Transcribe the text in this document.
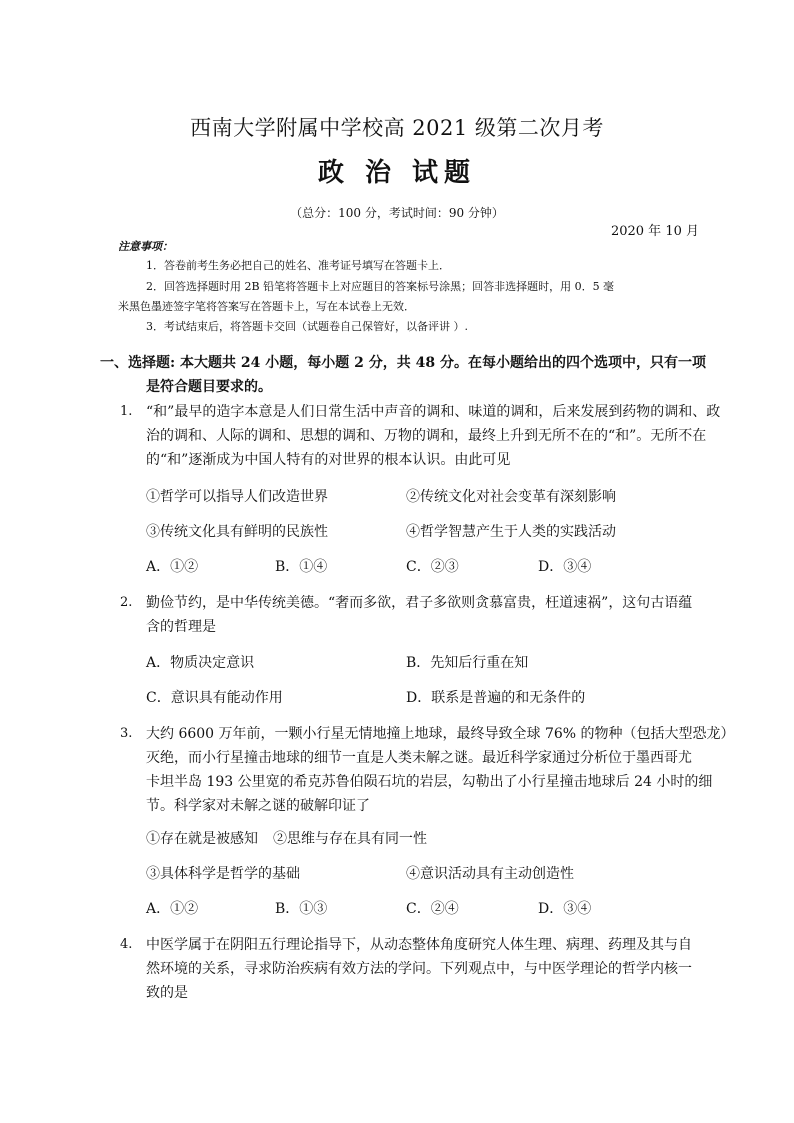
西南大学附属中学校高 2021 级第二次月考
政 治 试题
（总分：100 分，考试时间：90 分钟）
2020 年 10 月
注意事项：
1．答卷前考生务必把自己的姓名、准考证号填写在答题卡上．
2．回答选择题时用 2B 铅笔将答题卡上对应题目的答案标号涂黑；回答非选择题时，用 0．5 毫
米黑色墨迹签字笔将答案写在答题卡上，写在本试卷上无效．
3．考试结束后，将答题卡交回（试题卷自己保管好，以备评讲 ）.
一、选择题: 本大题共 24 小题，每小题 2 分，共 48 分。在每小题给出的四个选项中，只有一项
是符合题目要求的。
1. “和”最早的造字本意是人们日常生活中声音的调和、味道的调和，后来发展到药物的调和、政
治的调和、人际的调和、思想的调和、万物的调和，最终上升到无所不在的“和”。无所不在
的“和”逐渐成为中国人特有的对世界的根本认识。由此可见
①哲学可以指导人们改造世界	②传统文化对社会变革有深刻影响
③传统文化具有鲜明的民族性	④哲学智慧产生于人类的实践活动
A．①②	B．①④	C．②③	D．③④
2. 勤俭节约，是中华传统美德。“奢而多欲，君子多欲则贪慕富贵，枉道速祸”，这句古语蕴
含的哲理是
A．物质决定意识	B．先知后行重在知
C．意识具有能动作用	D．联系是普遍的和无条件的
3. 大约 6600 万年前，一颗小行星无情地撞上地球，最终导致全球 76% 的物种（包括大型恐龙）
灭绝，而小行星撞击地球的细节一直是人类未解之谜。最近科学家通过分析位于墨西哥尤
卡坦半岛 193 公里宽的希克苏鲁伯陨石坑的岩层，勾勒出了小行星撞击地球后 24 小时的细
节。科学家对未解之谜的破解印证了
①存在就是被感知 ②思维与存在具有同一性
③具体科学是哲学的基础	④意识活动具有主动创造性
A．①②	B．①③	C．②④	D．③④
4. 中医学属于在阴阳五行理论指导下，从动态整体角度研究人体生理、病理、药理及其与自
然环境的关系，寻求防治疾病有效方法的学问。下列观点中，与中医学理论的哲学内核一
致的是
